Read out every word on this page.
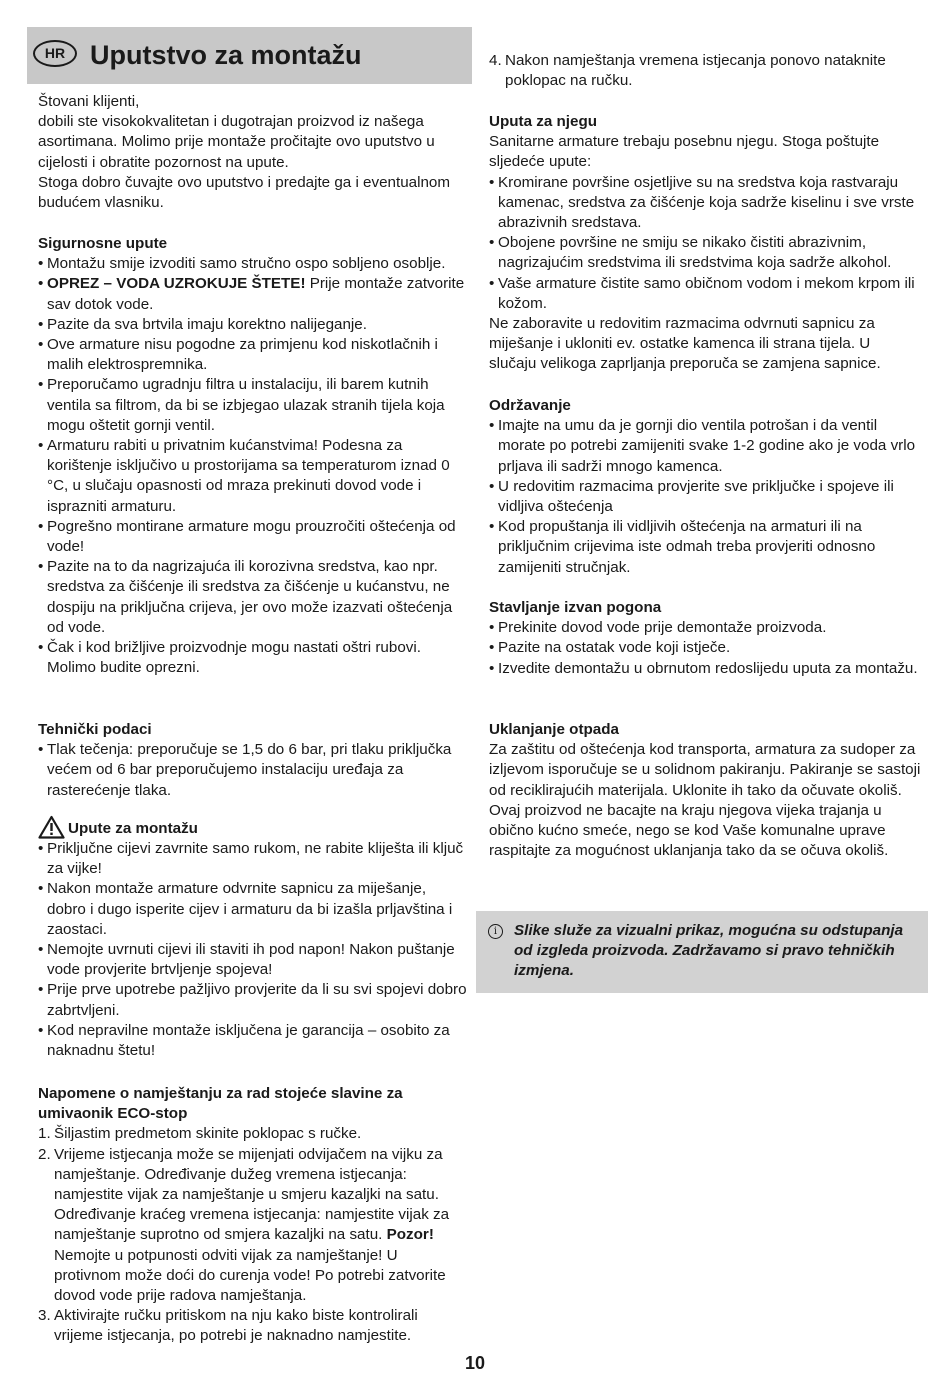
HR Uputstvo za montažu

Štovani klijenti,

dobili ste visokokvalitetan i dugotrajan proizvod iz našega asortimana. Molimo prije montaže pročitajte ovo uputstvo u cijelosti i obratite pozornost na upute.

Stoga dobro čuvajte ovo uputstvo i predajte ga i eventualnom budućem vlasniku.

Sigurnosne upute

• Montažu smije izvoditi samo stručno ospo sobljeno osoblje.
• OPREZ – VODA UZROKUJE ŠTETE! Prije montaže zatvorite sav dotok vode.
• Pazite da sva brtvila imaju korektno nalijeganje.
• Ove armature nisu pogodne za primjenu kod niskotlačnih i malih elektrospremnika.
• Preporučamo ugradnju filtra u instalaciju, ili barem kutnih ventila sa filtrom, da bi se izbjegao ulazak stranih tijela koja mogu oštetit gornji ventil.
• Armaturu rabiti u privatnim kućanstvima! Podesna za korištenje isključivo u prostorijama sa temperaturom iznad 0 °C, u slučaju opasnosti od mraza prekinuti dovod vode i isprazniti armaturu.
• Pogrešno montirane armature mogu prouzročiti oštećenja od vode!
• Pazite na to da nagrizajuća ili korozivna sredstva, kao npr. sredstva za čišćenje ili sredstva za čišćenje u kućanstvu, ne dospiju na priključna crijeva, jer ovo može izazvati oštećenja od vode.
• Čak i kod brižljive proizvodnje mogu nastati oštri rubovi. Molimo budite oprezni.

Tehnički podaci

• Tlak tečenja: preporučuje se 1,5 do 6 bar, pri tlaku priključka većem od 6 bar preporučujemo instalaciju uređaja za rasterećenje tlaka.
Upute za montažu
• Priključne cijevi zavrnite samo rukom, ne rabite kliješta ili ključ za vijke!
• Nakon montaže armature odvrnite sapnicu za miješanje, dobro i dugo isperite cijev i armaturu da bi izašla prljavština i zaostaci.
• Nemojte uvrnuti cijevi ili staviti ih pod napon! Nakon puštanje vode provjerite brtvljenje spojeva!
• Prije prve upotrebe pažljivo provjerite da li su svi spojevi dobro zabrtvljeni.
• Kod nepravilne montaže isključena je garancija – osobito za naknadnu štetu!

Napomene o namještanju za rad stojeće slavine za umivaonik ECO-stop

1. Šiljastim predmetom skinite poklopac s ručke.
2. Vrijeme istjecanja može se mijenjati odvijačem na vijku za namještanje. Određivanje dužeg vremena istjecanja: namjestite vijak za namještanje u smjeru kazaljki na satu. Određivanje kraćeg vremena istjecanja: namjestite vijak za namještanje suprotno od smjera kazaljki na satu. Pozor! Nemojte u potpunosti odviti vijak za namještanje! U protivnom može doći do curenja vode! Po potrebi zatvorite dovod vode prije radova namještanja.
3. Aktivirajte ručku pritiskom na nju kako biste kontrolirali vrijeme istjecanja, po potrebi je naknadno namjestite.
4. Nakon namještanja vremena istjecanja ponovo nataknite poklopac na ručku.

Uputa za njegu

Sanitarne armature trebaju posebnu njegu. Stoga poštujte sljedeće upute:

• Kromirane površine osjetljive su na sredstva koja rastvaraju kamenac, sredstva za čišćenje koja sadrže kiselinu i sve vrste abrazivnih sredstava.
• Obojene površine ne smiju se nikako čistiti abrazivnim, nagrizajućim sredstvima ili sredstvima koja sadrže alkohol.
• Vaše armature čistite samo običnom vodom i mekom krpom ili kožom.

Ne zaboravite u redovitim razmacima odvrnuti sapnicu za miješanje i ukloniti ev. ostatke kamenca ili strana tijela. U slučaju velikoga zaprljanja preporuča se zamjena sapnice.

Održavanje

• Imajte na umu da je gornji dio ventila potrošan i da ventil morate po potrebi zamijeniti svake 1-2 godine ako je voda vrlo prljava ili sadrži mnogo kamenca.
• U redovitim razmacima provjerite sve priključke i spojeve ili vidljiva oštećenja
• Kod propuštanja ili vidljivih oštećenja na armaturi ili na priključnim crijevima iste odmah treba provjeriti odnosno zamijeniti stručnjak.

Stavljanje izvan pogona

• Prekinite dovod vode prije demontaže proizvoda.
• Pazite na ostatak vode koji istječe.
• Izvedite demontažu u obrnutom redoslijedu uputa za montažu.

Uklanjanje otpada

Za zaštitu od oštećenja kod transporta, armatura za sudoper za izljevom isporučuje se u solidnom pakiranju. Pakiranje se sastoji od reciklirajućih materijala. Uklonite ih tako da očuvate okoliš.

Ovaj proizvod ne bacajte na kraju njegova vijeka trajanja u obično kućno smeće, nego se kod Vaše komunalne uprave raspitajte za mogućnost uklanjanja tako da se očuva okoliš.

i	Slike služe za vizualni prikaz, mogućna su odstupanja od izgleda proizvoda. Zadržavamo si pravo tehničkih izmjena.
10
